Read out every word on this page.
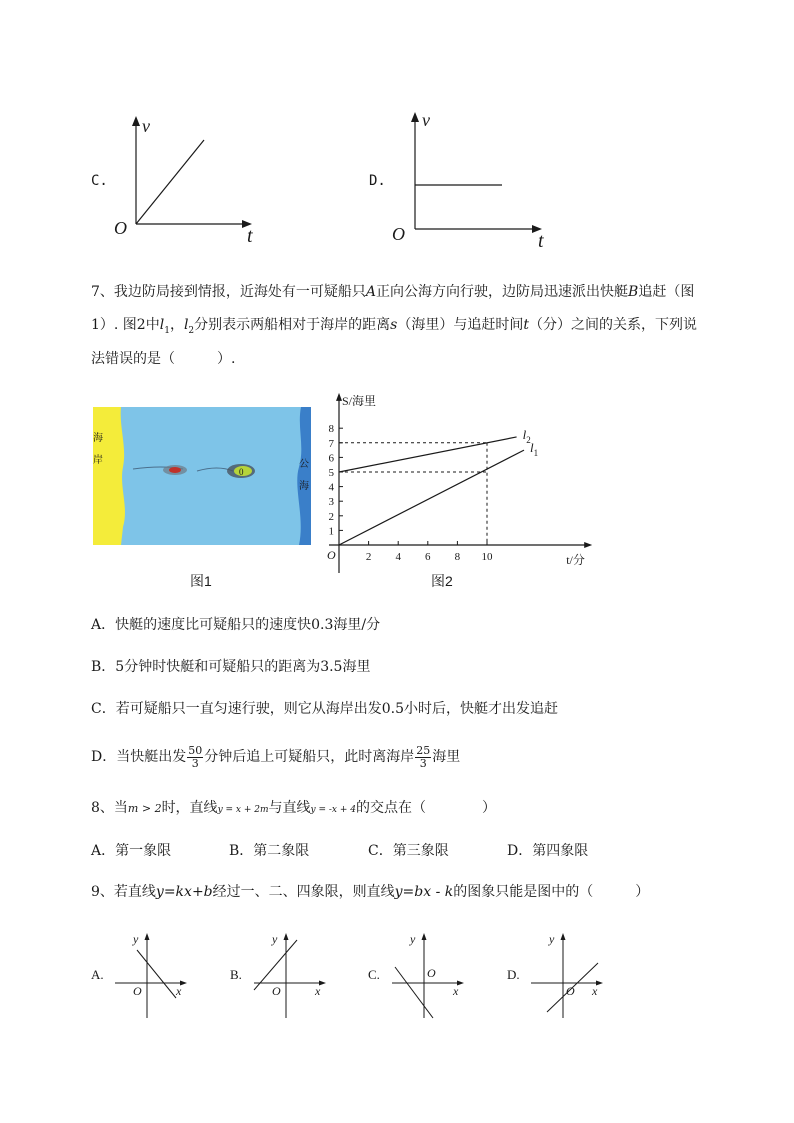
C.
v
t
O
v
t
O
D.
7、我边防局接到情报，近海处有一可疑船只A正向公海方向行驶，边防局迅速派出快艇B追赶（图
1）. 图2中$l_1$，$l_2$分别表示两船相对于海岸的距离s（海里）与追赶时间t（分）之间的关系，下列说
法错误的是（　　　）.
0
海
岸	公
海
图1
S/海里
t/分
O	2 4 6 8 10
1
2
3
4
5
6
7
8	$l_2$
$l_1$
图2
A．快艇的速度比可疑船只的速度快0.3海里/分
B．5分钟时快艇和可疑船只的距离为3.5海里
C．若可疑船只一直匀速行驶，则它从海岸出发0.5小时后，快艇才出发追赶
D．当快艇出发 $\frac{50}{3}$ 分钟后追上可疑船只，此时离海岸 $\frac{25}{3}$ 海里
8、当m > 2时，直线y = x + 2m与直线y = -x + 4的交点在（　　　　）
A．第一象限	B．第二象限	C．第三象限	D．第四象限
9、若直线y=kx+b经过一、二、四象限，则直线y=bx - k的图象只能是图中的（　　　）
A.
y
x
O
B.
y
x
O
C.
y
x
O	D.
y
x
O
